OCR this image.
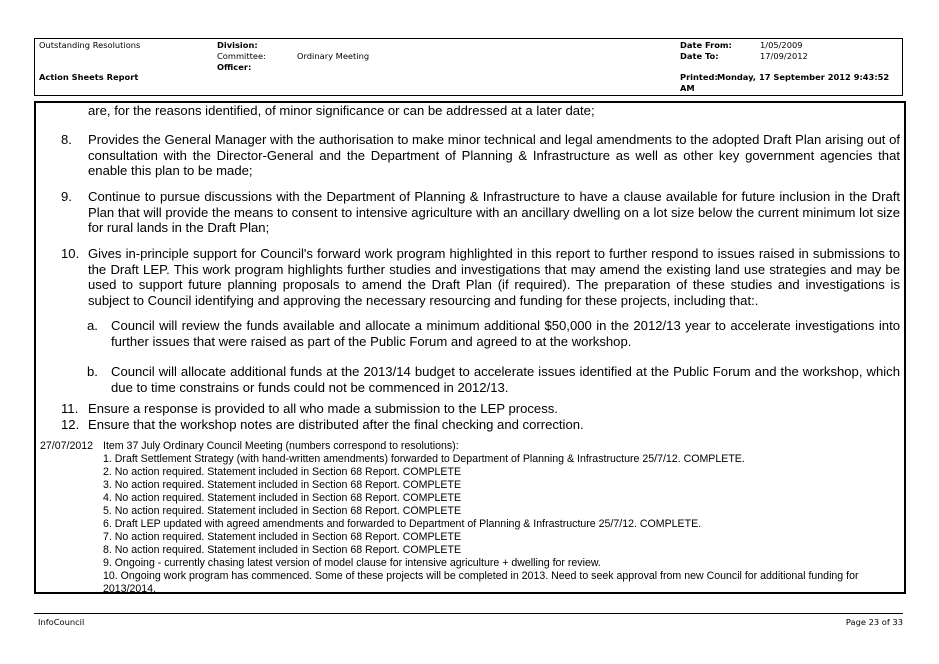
Outstanding Resolutions
Action Sheets Report
Division:
Committee:	Ordinary Meeting
Officer:
Date From:	1/05/2009
Date To:	17/09/2012
Printed: Monday, 17 September 2012 9:43:52
AM

are, for the reasons identified, of minor significance or can be addressed at a later date;

8. Provides the General Manager with the authorisation to make minor technical and legal amendments to the adopted Draft Plan arising out of consultation with the Director-General and the Department of Planning & Infrastructure as well as other key government agencies that enable this plan to be made;

9. Continue to pursue discussions with the Department of Planning & Infrastructure to have a clause available for future inclusion in the Draft Plan that will provide the means to consent to intensive agriculture with an ancillary dwelling on a lot size below the current minimum lot size for rural lands in the Draft Plan;

10. Gives in-principle support for Council's forward work program highlighted in this report to further respond to issues raised in submissions to the Draft LEP. This work program highlights further studies and investigations that may amend the existing land use strategies and may be used to support future planning proposals to amend the Draft Plan (if required). The preparation of these studies and investigations is subject to Council identifying and approving the necessary resourcing and funding for these projects, including that:.

a. Council will review the funds available and allocate a minimum additional $50,000 in the 2012/13 year to accelerate investigations into further issues that were raised as part of the Public Forum and agreed to at the workshop.

b. Council will allocate additional funds at the 2013/14 budget to accelerate issues identified at the Public Forum and the workshop, which due to time constrains or funds could not be commenced in 2012/13.

11. Ensure a response is provided to all who made a submission to the LEP process.

12. Ensure that the workshop notes are distributed after the final checking and correction.

27/07/2012 Item 37 July Ordinary Council Meeting (numbers correspond to resolutions):
1. Draft Settlement Strategy (with hand-written amendments) forwarded to Department of Planning & Infrastructure 25/7/12. COMPLETE.
2. No action required. Statement included in Section 68 Report. COMPLETE
3. No action required. Statement included in Section 68 Report. COMPLETE
4. No action required. Statement included in Section 68 Report. COMPLETE
5. No action required. Statement included in Section 68 Report. COMPLETE
6. Draft LEP updated with agreed amendments and forwarded to Department of Planning & Infrastructure 25/7/12. COMPLETE.
7. No action required. Statement included in Section 68 Report. COMPLETE
8. No action required. Statement included in Section 68 Report. COMPLETE
9. Ongoing - currently chasing latest version of model clause for intensive agriculture + dwelling for review.
10. Ongoing work program has commenced. Some of these projects will be completed in 2013. Need to seek approval from new Council for additional funding for 2013/2014.
InfoCouncil	Page 23 of 33
